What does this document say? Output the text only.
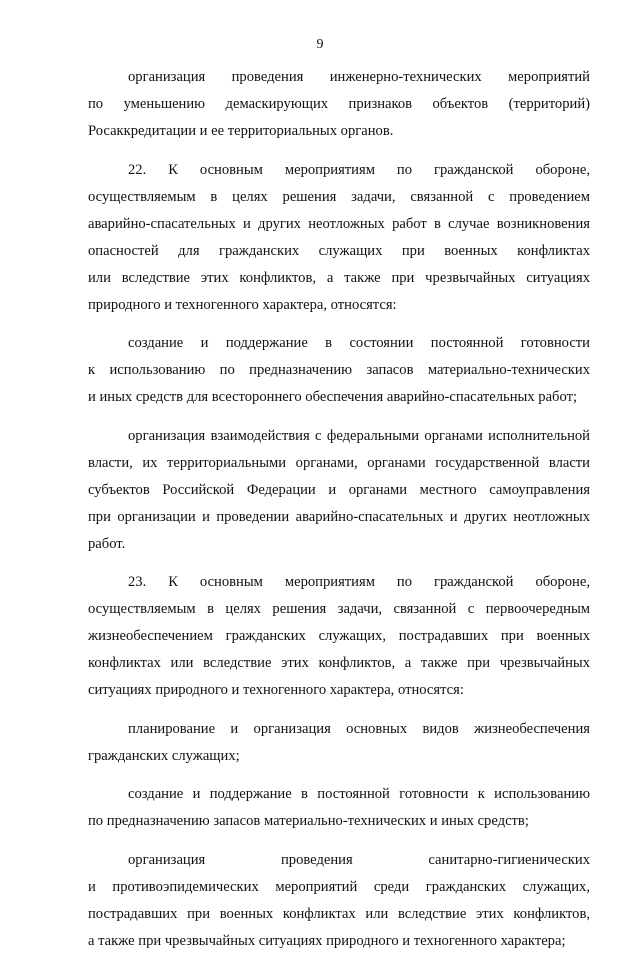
9

организация проведения инженерно-технических мероприятий
по уменьшению демаскирующих признаков объектов (территорий)
Росаккредитации и ее территориальных органов.

22. К основным мероприятиям по гражданской обороне,
осуществляемым в целях решения задачи, связанной с проведением
аварийно-спасательных и других неотложных работ в случае возникновения
опасностей для гражданских служащих при военных конфликтах
или вследствие этих конфликтов, а также при чрезвычайных ситуациях
природного и техногенного характера, относятся:

создание и поддержание в состоянии постоянной готовности
к использованию по предназначению запасов материально-технических
и иных средств для всестороннего обеспечения аварийно-спасательных работ;

организация взаимодействия с федеральными органами исполнительной
власти, их территориальными органами, органами государственной власти
субъектов Российской Федерации и органами местного самоуправления
при организации и проведении аварийно-спасательных и других неотложных
работ.

23. К основным мероприятиям по гражданской обороне,
осуществляемым в целях решения задачи, связанной с первоочередным
жизнеобеспечением гражданских служащих, пострадавших при военных
конфликтах или вследствие этих конфликтов, а также при чрезвычайных
ситуациях природного и техногенного характера, относятся:

планирование и организация основных видов жизнеобеспечения
гражданских служащих;

создание и поддержание в постоянной готовности к использованию
по предназначению запасов материально-технических и иных средств;

организация проведения санитарно-гигиенических
и противоэпидемических мероприятий среди гражданских служащих,
пострадавших при военных конфликтах или вследствие этих конфликтов,
а также при чрезвычайных ситуациях природного и техногенного характера;
